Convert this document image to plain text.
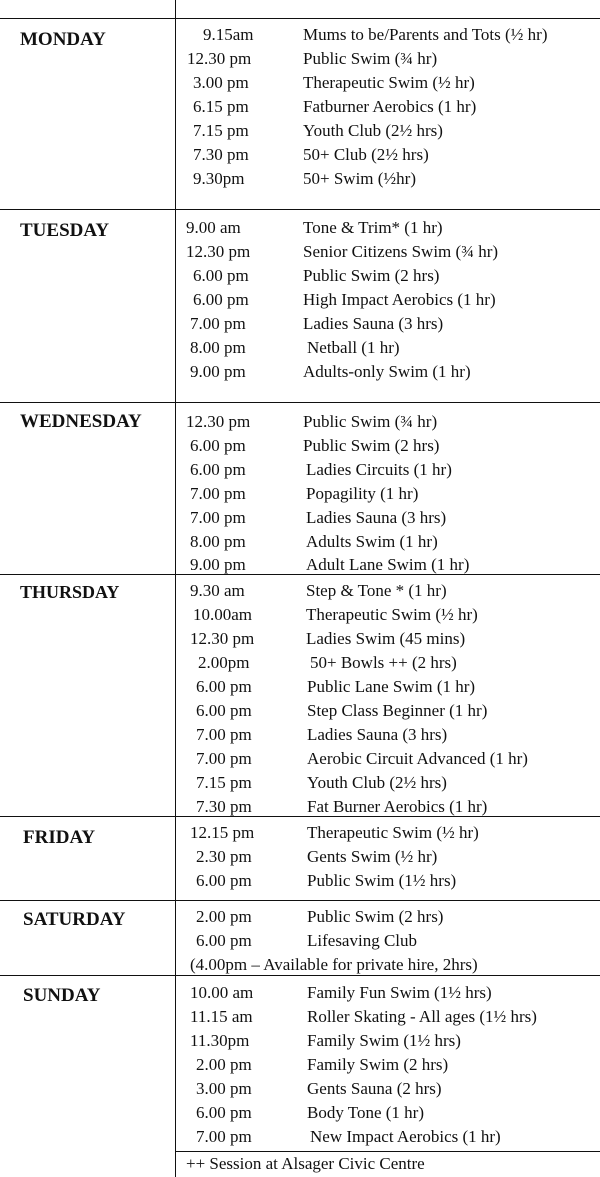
MONDAY	9.15am	Mums to be/Parents and Tots (½ hr)
12.30 pm	Public Swim (¾ hr)
3.00 pm	Therapeutic Swim (½ hr)
6.15 pm	Fatburner Aerobics (1 hr)
7.15 pm	Youth Club (2½ hrs)
7.30 pm	50+ Club (2½ hrs)
9.30pm	50+ Swim (½hr)
TUESDAY	9.00 am	Tone & Trim* (1 hr)
12.30 pm	Senior Citizens Swim (¾ hr)
6.00 pm	Public Swim (2 hrs)
6.00 pm	High Impact Aerobics (1 hr)
7.00 pm	Ladies Sauna (3 hrs)
8.00 pm	Netball (1 hr)
9.00 pm	Adults-only Swim (1 hr)
WEDNESDAY	12.30 pm	Public Swim (¾ hr)
6.00 pm	Public Swim (2 hrs)
6.00 pm	Ladies Circuits (1 hr)
7.00 pm	Popagility (1 hr)
7.00 pm	Ladies Sauna (3 hrs)
8.00 pm	Adults Swim (1 hr)
9.00 pm	Adult Lane Swim (1 hr)
THURSDAY	9.30 am	Step & Tone * (1 hr)
10.00am	Therapeutic Swim (½ hr)
12.30 pm	Ladies Swim (45 mins)
2.00pm	50+ Bowls ++ (2 hrs)
6.00 pm	Public Lane Swim (1 hr)
6.00 pm	Step Class Beginner (1 hr)
7.00 pm	Ladies Sauna (3 hrs)
7.00 pm	Aerobic Circuit Advanced (1 hr)
7.15 pm	Youth Club (2½ hrs)
7.30 pm	Fat Burner Aerobics (1 hr)
FRIDAY	12.15 pm	Therapeutic Swim (½ hr)
2.30 pm	Gents Swim (½ hr)
6.00 pm	Public Swim (1½ hrs)
SATURDAY	2.00 pm	Public Swim (2 hrs)
6.00 pm	Lifesaving Club
(4.00pm – Available for private hire, 2hrs)
SUNDAY	10.00 am	Family Fun Swim (1½ hrs)
11.15 am	Roller Skating - All ages (1½ hrs)
11.30pm	Family Swim (1½ hrs)
2.00 pm	Family Swim (2 hrs)
3.00 pm	Gents Sauna (2 hrs)
6.00 pm	Body Tone (1 hr)
7.00 pm	New Impact Aerobics (1 hr)
++ Session at Alsager Civic Centre
